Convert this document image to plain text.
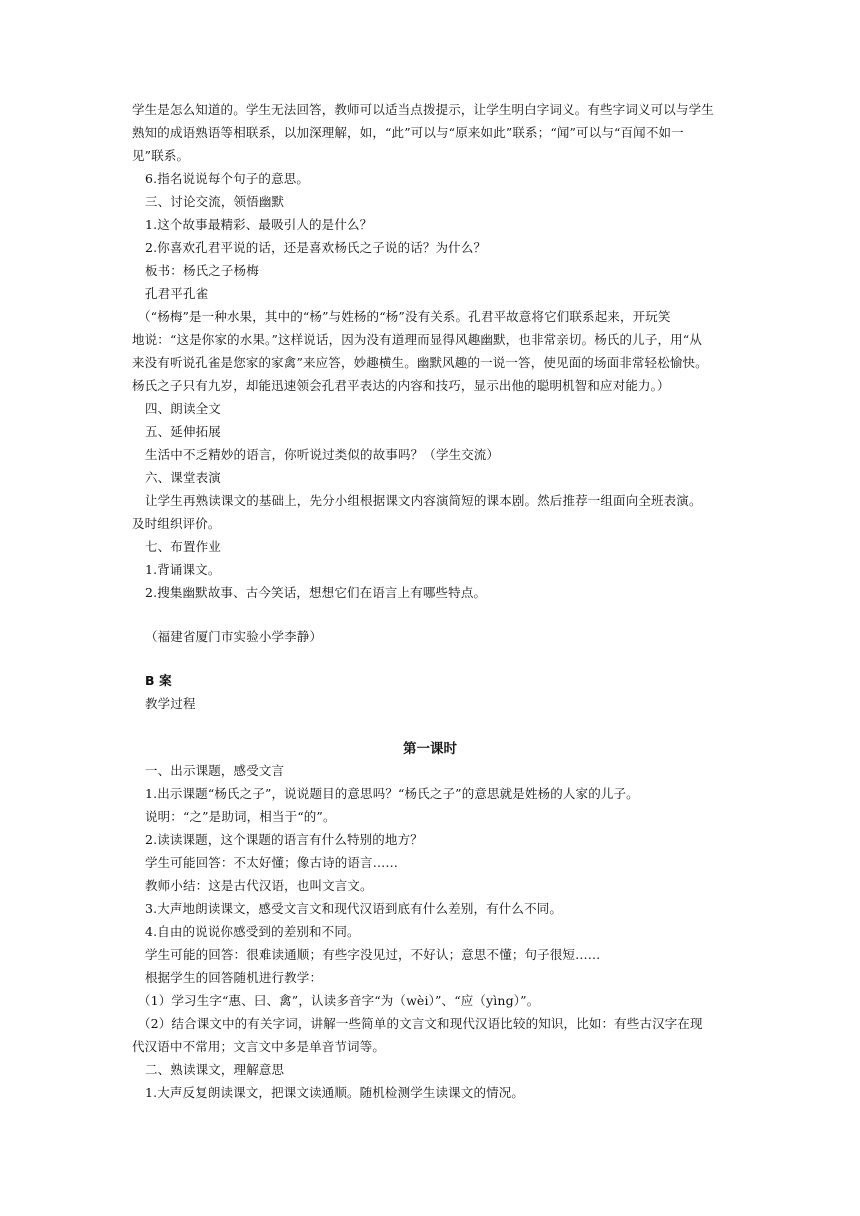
学生是怎么知道的。学生无法回答，教师可以适当点拨提示，让学生明白字词义。有些字词义可以与学生
熟知的成语熟语等相联系，以加深理解，如，“此”可以与“原来如此”联系；“闻”可以与“百闻不如一
见”联系。
6.指名说说每个句子的意思。
三、讨论交流，领悟幽默
1.这个故事最精彩、最吸引人的是什么？
2.你喜欢孔君平说的话，还是喜欢杨氏之子说的话？为什么？
板书：杨氏之子杨梅
孔君平孔雀
（“杨梅”是一种水果，其中的“杨”与姓杨的“杨”没有关系。孔君平故意将它们联系起来，开玩笑
地说：“这是你家的水果。”这样说话，因为没有道理而显得风趣幽默，也非常亲切。杨氏的儿子，用“从
来没有听说孔雀是您家的家禽”来应答，妙趣横生。幽默风趣的一说一答，使见面的场面非常轻松愉快。
杨氏之子只有九岁，却能迅速领会孔君平表达的内容和技巧，显示出他的聪明机智和应对能力。）
四、朗读全文
五、延伸拓展
生活中不乏精妙的语言，你听说过类似的故事吗？（学生交流）
六、课堂表演
让学生再熟读课文的基础上，先分小组根据课文内容演简短的课本剧。然后推荐一组面向全班表演。
及时组织评价。
七、布置作业
1.背诵课文。
2.搜集幽默故事、古今笑话，想想它们在语言上有哪些特点。
（福建省厦门市实验小学李静）
B 案
教学过程
第一课时
一、出示课题，感受文言
1.出示课题“杨氏之子”，说说题目的意思吗？“杨氏之子”的意思就是姓杨的人家的儿子。
说明：“之”是助词，相当于“的”。
2.读读课题，这个课题的语言有什么特别的地方？
学生可能回答：不太好懂；像古诗的语言……
教师小结：这是古代汉语，也叫文言文。
3.大声地朗读课文，感受文言文和现代汉语到底有什么差别，有什么不同。
4.自由的说说你感受到的差别和不同。
学生可能的回答：很难读通顺；有些字没见过，不好认；意思不懂；句子很短……
根据学生的回答随机进行教学：
（1）学习生字“惠、曰、禽”，认读多音字“为（wèi）”、“应（yìng）”。
（2）结合课文中的有关字词，讲解一些简单的文言文和现代汉语比较的知识，比如：有些古汉字在现
代汉语中不常用；文言文中多是单音节词等。
二、熟读课文，理解意思
1.大声反复朗读课文，把课文读通顺。随机检测学生读课文的情况。
